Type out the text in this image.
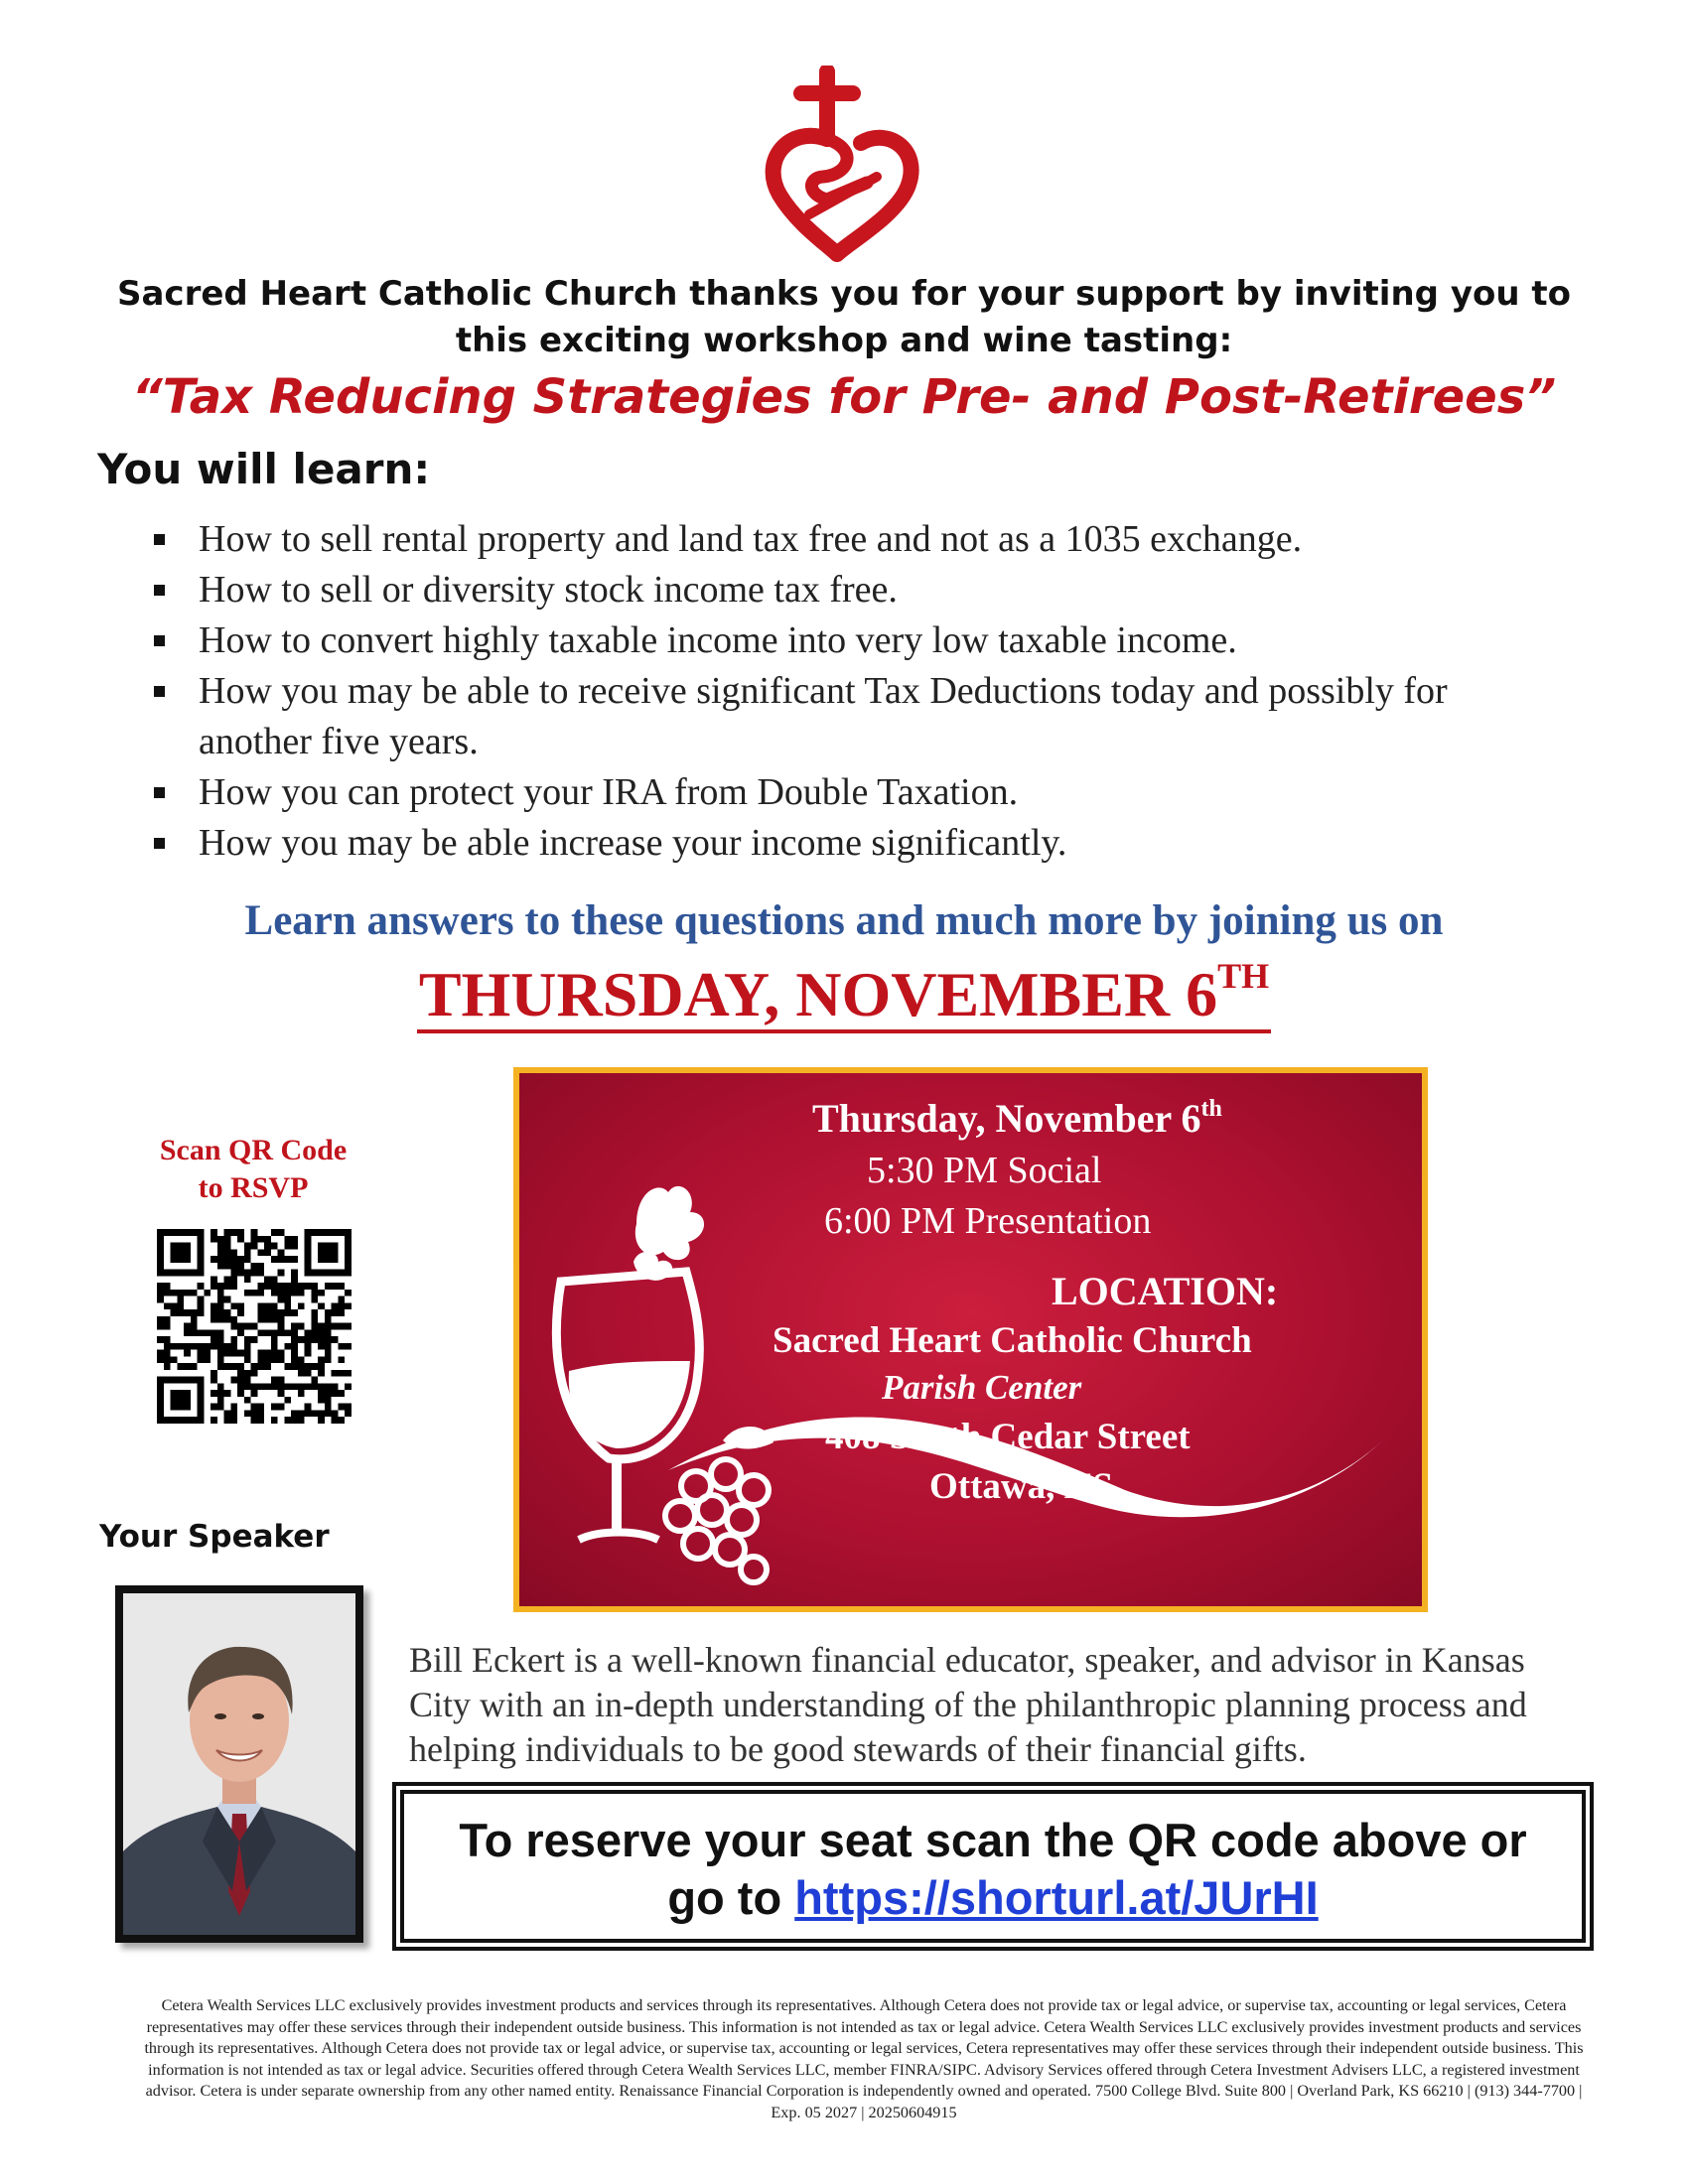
Sacred Heart Catholic Church thanks you for your support by inviting you to
this exciting workshop and wine tasting:
“Tax Reducing Strategies for Pre- and Post-Retirees”
You will learn:
How to sell rental property and land tax free and not as a 1035 exchange.
How to sell or diversity stock income tax free.
How to convert highly taxable income into very low taxable income.
How you may be able to receive significant Tax Deductions today and possibly for another five years.
How you can protect your IRA from Double Taxation.
How you may be able increase your income significantly.
Learn answers to these questions and much more by joining us on
THURSDAY, NOVEMBER 6TH
Scan QR Code
to RSVP
Thursday, November 6th
5:30 PM Social
6:00 PM Presentation
LOCATION:
Sacred Heart Catholic Church
Parish Center
408 South Cedar Street
Ottawa, KS
Your Speaker
Bill Eckert is a well-known financial educator, speaker, and advisor in Kansas City with an in-depth understanding of the philanthropic planning process and helping individuals to be good stewards of their financial gifts.
To reserve your seat scan the QR code above or
go to https://shorturl.at/JUrHI
Cetera Wealth Services LLC exclusively provides investment products and services through its representatives. Although Cetera does not provide tax or legal advice, or supervise tax, accounting or legal services, Cetera representatives may offer these services through their independent outside business. This information is not intended as tax or legal advice. Cetera Wealth Services LLC exclusively provides investment products and services through its representatives. Although Cetera does not provide tax or legal advice, or supervise tax, accounting or legal services, Cetera representatives may offer these services through their independent outside business. This information is not intended as tax or legal advice. Securities offered through Cetera Wealth Services LLC, member FINRA/SIPC. Advisory Services offered through Cetera Investment Advisers LLC, a registered investment advisor. Cetera is under separate ownership from any other named entity. Renaissance Financial Corporation is independently owned and operated. 7500 College Blvd. Suite 800 | Overland Park, KS 66210 | (913) 344-7700 | Exp. 05 2027 | 20250604915
